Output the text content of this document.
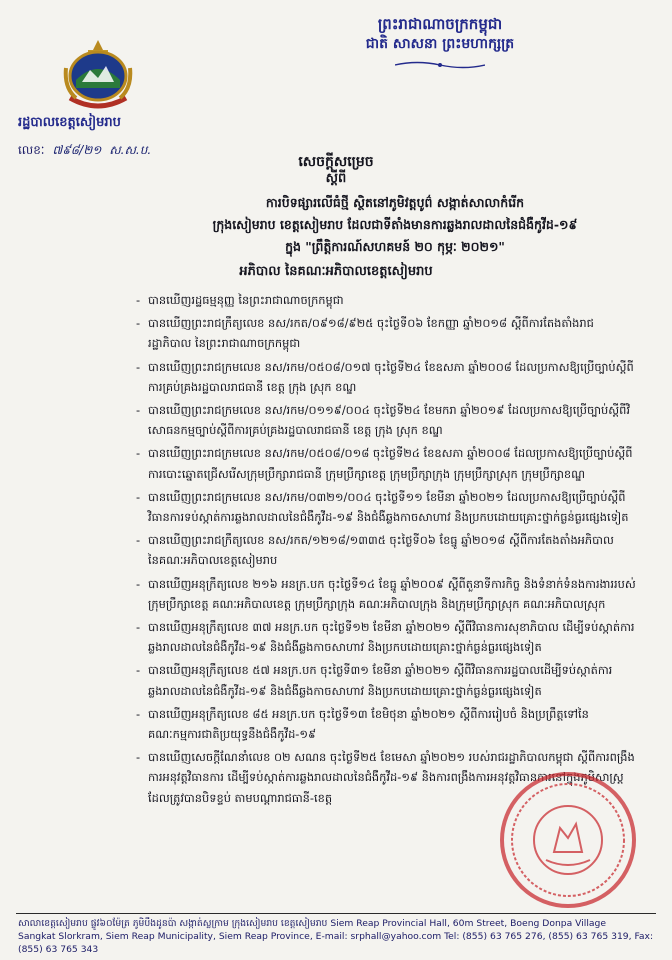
ព្រះរាជាណាចក្រកម្ពុជា
ជាតិ សាសនា ព្រះមហាក្សត្រ
រដ្ឋបាលខេត្តសៀមរាប
លេខៈ ៧៩៨/២១ ស.ស.ប.
សេចក្តីសម្រេច
ស្តីពី
ការបិទផ្សារលើធំថ្មី ស្ថិតនៅភូមិវត្តបូព៌ សង្កាត់សាលាកំរើក
ក្រុងសៀមរាប ខេត្តសៀមរាប ដែលជាទីតាំងមានការឆ្លងរាលដាលនៃជំងឺកូវីដ-១៩
ក្នុង "ព្រឹត្តិការណ៍សហគមន៍ ២០ កុម្ភៈ ២០២១"
អភិបាល នៃគណៈអភិបាលខេត្តសៀមរាប
- បានឃើញរដ្ឋធម្មនុញ្ញ នៃព្រះរាជាណាចក្រកម្ពុជា
- បានឃើញព្រះរាជក្រឹត្យលេខ នស/រកត/០៩១៨/៩២៥ ចុះថ្ងៃទី០៦ ខែកញ្ញា ឆ្នាំ២០១៨ ស្តីពីការតែងតាំងរាជរដ្ឋាភិបាល នៃព្រះរាជាណាចក្រកម្ពុជា
- បានឃើញព្រះរាជក្រមលេខ នស/រកម/០៥០៨/០១៧ ចុះថ្ងៃទី២៤ ខែឧសភា ឆ្នាំ២០០៨ ដែលប្រកាសឱ្យប្រើច្បាប់ស្តីពីការគ្រប់គ្រងរដ្ឋបាលរាជធានី ខេត្ត ក្រុង ស្រុក ខណ្ឌ
- បានឃើញព្រះរាជក្រមលេខ នស/រកម/០១១៩/០០៤ ចុះថ្ងៃទី២៤ ខែមករា ឆ្នាំ២០១៩ ដែលប្រកាសឱ្យប្រើច្បាប់ស្តីពីវិសោធនកម្មច្បាប់ស្តីពីការគ្រប់គ្រងរដ្ឋបាលរាជធានី ខេត្ត ក្រុង ស្រុក ខណ្ឌ
- បានឃើញព្រះរាជក្រមលេខ នស/រកម/០៥០៨/០១៨ ចុះថ្ងៃទី២៤ ខែឧសភា ឆ្នាំ២០០៨ ដែលប្រកាសឱ្យប្រើច្បាប់ស្តីពីការបោះឆ្នោតជ្រើសរើសក្រុមប្រឹក្សារាជធានី ក្រុមប្រឹក្សាខេត្ត ក្រុមប្រឹក្សាក្រុង ក្រុមប្រឹក្សាស្រុក ក្រុមប្រឹក្សាខណ្ឌ
- បានឃើញព្រះរាជក្រមលេខ នស/រកម/០៣២១/០០៤ ចុះថ្ងៃទី១១ ខែមីនា ឆ្នាំ២០២១ ដែលប្រកាសឱ្យប្រើច្បាប់ស្តីពីវិធានការទប់ស្កាត់ការឆ្លងរាលដាលនៃជំងឺកូវីដ-១៩ និងជំងឺឆ្លងកាចសាហាវ និងប្រកបដោយគ្រោះថ្នាក់ធ្ងន់ធ្ងរផ្សេងទៀត
- បានឃើញព្រះរាជក្រឹត្យលេខ នស/រកត/១២១៨/១៣៣៥ ចុះថ្ងៃទី០៦ ខែធ្នូ ឆ្នាំ២០១៨ ស្តីពីការតែងតាំងអភិបាល នៃគណៈអភិបាលខេត្តសៀមរាប
- បានឃើញអនុក្រឹត្យលេខ ២១៦ អនក្រ.បក ចុះថ្ងៃទី១៤ ខែធ្នូ ឆ្នាំ២០០៩ ស្តីពីតួនាទីការកិច្ច និងទំនាក់ទំនងការងាររបស់ក្រុមប្រឹក្សាខេត្ត គណៈអភិបាលខេត្ត ក្រុមប្រឹក្សាក្រុង គណៈអភិបាលក្រុង និងក្រុមប្រឹក្សាស្រុក គណៈអភិបាលស្រុក
- បានឃើញអនុក្រឹត្យលេខ ៣៧ អនក្រ.បក ចុះថ្ងៃទី១២ ខែមីនា ឆ្នាំ២០២១ ស្តីពីវិធានការសុខាភិបាល ដើម្បីទប់ស្កាត់ការឆ្លងរាលដាលនៃជំងឺកូវីដ-១៩ និងជំងឺឆ្លងកាចសាហាវ និងប្រកបដោយគ្រោះថ្នាក់ធ្ងន់ធ្ងរផ្សេងទៀត
- បានឃើញអនុក្រឹត្យលេខ ៥៧ អនក្រ.បក ចុះថ្ងៃទី៣១ ខែមីនា ឆ្នាំ២០២១ ស្តីពីវិធានការរដ្ឋបាលដើម្បីទប់ស្កាត់ការឆ្លងរាលដាលនៃជំងឺកូវីដ-១៩ និងជំងឺឆ្លងកាចសាហាវ និងប្រកបដោយគ្រោះថ្នាក់ធ្ងន់ធ្ងរផ្សេងទៀត
- បានឃើញអនុក្រឹត្យលេខ ៨៥ អនក្រ.បក ចុះថ្ងៃទី១៣ ខែមិថុនា ឆ្នាំ២០២១ ស្តីពីការរៀបចំ និងប្រព្រឹត្តទៅនៃគណៈកម្មការជាតិប្រយុទ្ធនឹងជំងឺកូវីដ-១៩
- បានឃើញសេចក្តីណែនាំលេខ ០២ សណន ចុះថ្ងៃទី២៥ ខែមេសា ឆ្នាំ២០២១ របស់រាជរដ្ឋាភិបាលកម្ពុជា ស្តីពីការពង្រឹងការអនុវត្តវិធានការ ដើម្បីទប់ស្កាត់ការឆ្លងរាលដាលនៃជំងឺកូវីដ-១៩ និងការពង្រឹងការអនុវត្តវិធានការនៅក្នុងភូមិសាស្ត្រដែលត្រូវបានបិទខ្ទប់ តាមបណ្តារាជធានី-ខេត្ត
សាលាខេត្តសៀមរាប ផ្លូវ៦០ម៉ែត្រ ភូមិបឹងដូនប៉ា សង្កាត់ស្លក្រាម ក្រុងសៀមរាប ខេត្តសៀមរាប Siem Reap Provincial Hall, 60m Street, Boeng Donpa Village
Sangkat Slorkram, Siem Reap Municipality, Siem Reap Province, E-mail: srphall@yahoo.com Tel: (855) 63 765 276, (855) 63 765 319, Fax: (855) 63 765 343
